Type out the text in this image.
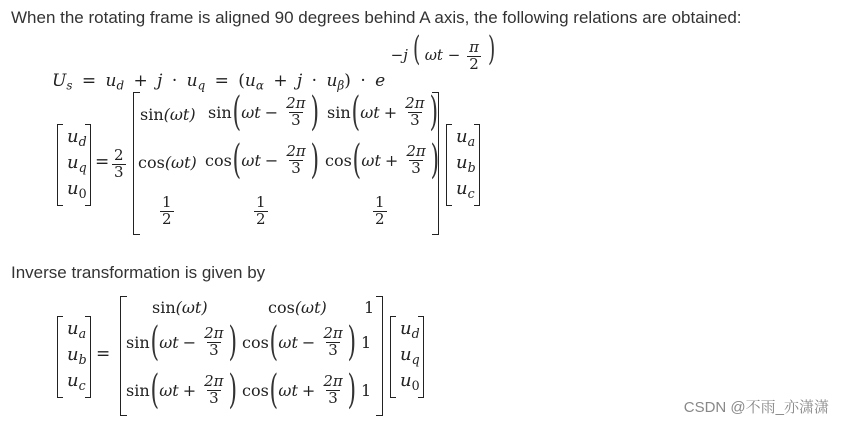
When the rotating frame is aligned 90 degrees behind A axis, the following relations are obtained:
$U_s = u_d + j \cdot u_q = (u_\alpha + j \cdot u_\beta) \cdot e -j$ ( $\omega t - \frac{\pi}{2}$ )
$u_d$
$u_q$
$u_0$
= $\frac{2}{3}$
sin (ωt) sin ( $\omega t - \frac{2\pi}{3}$ ) sin ( $\omega t + \frac{2\pi}{3}$ )
cos (ωt) cos ( $\omega t - \frac{2\pi}{3}$ ) cos ( $\omega t + \frac{2\pi}{3}$ )
$\frac{1}{2}$	$\frac{1}{2}$	$\frac{1}{2}$
$u_a$
$u_b$
$u_c$
Inverse transformation is given by
$u_a$
$u_b$
$u_c$
=
sin (ωt)	cos (ωt) 1
sin ( $\omega t - \frac{2\pi}{3}$ ) cos ( $\omega t - \frac{2\pi}{3}$ ) 1
sin ( $\omega t + \frac{2\pi}{3}$ ) cos ( $\omega t + \frac{2\pi}{3}$ ) 1
$u_d$
$u_q$
$u_0$
CSDN @不雨_亦潇潇
